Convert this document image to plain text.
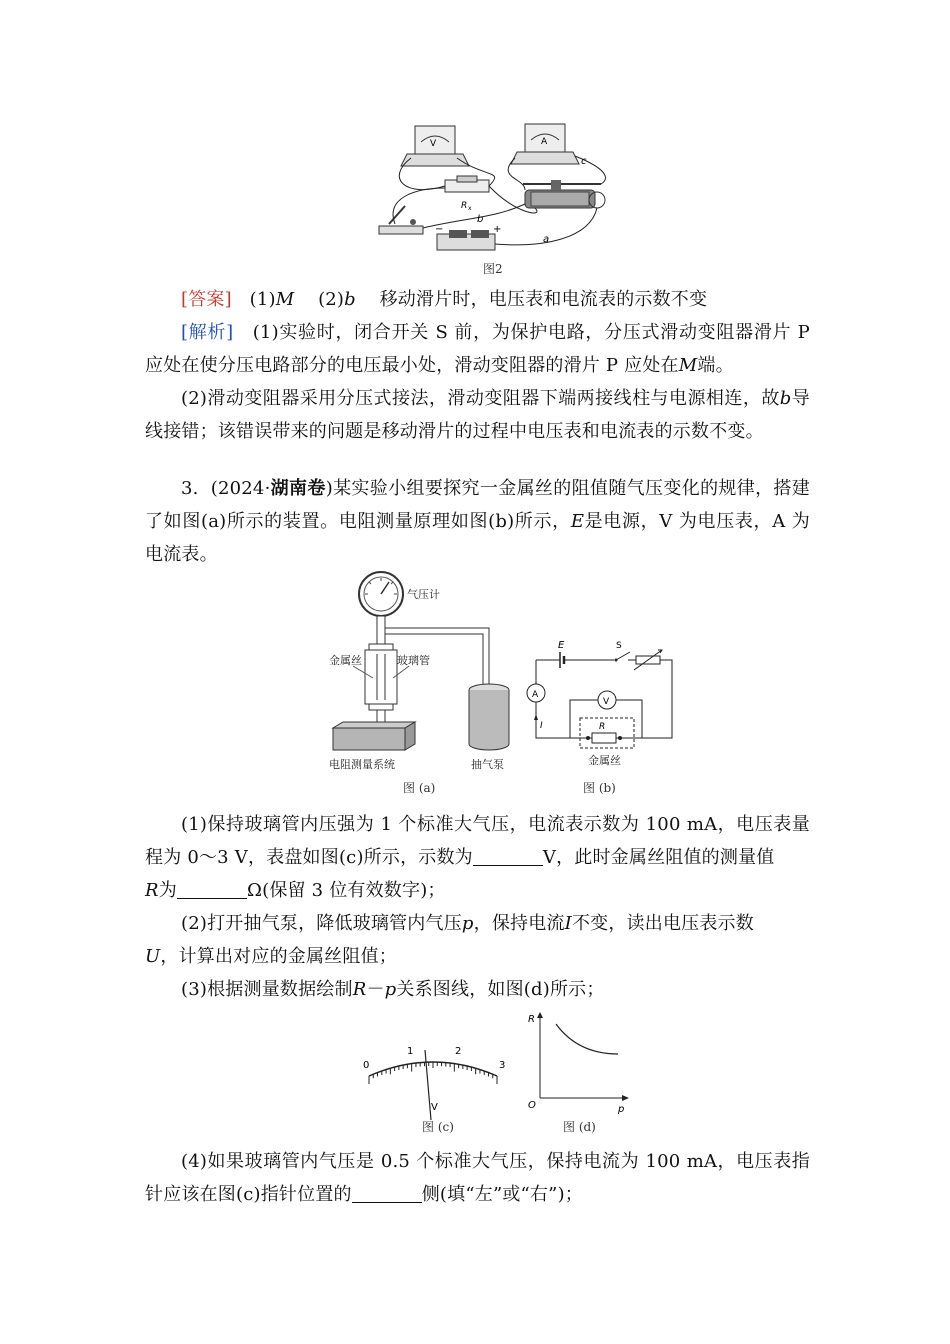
V	A
R x
−	+
c
b
a
图2
[答案] (1)M (2)b 移动滑片时，电压表和电流表的示数不变
[解析] (1)实验时，闭合开关 S 前，为保护电路，分压式滑动变阻器滑片 P 应处在使分压电路部分的电压最小处，滑动变阻器的滑片 P 应处在M端。
(2)滑动变阻器采用分压式接法，滑动变阻器下端两接线柱与电源相连，故b导线接错；该错误带来的问题是移动滑片的过程中电压表和电流表的示数不变。
3. (2024·湖南卷)某实验小组要探究一金属丝的阻值随气压变化的规律，搭建了如图(a)所示的装置。电阻测量原理如图(b)所示，E是电源，V 为电压表，A 为电流表。
气压计
金属丝	玻璃管
电阻测量系统	抽气泵
图 (a)
E	S
A
I
V
R
金属丝
图 (b)
(1)保持玻璃管内压强为 1 个标准大气压，电流表示数为 100 mA，电压表量程为 0～3 V，表盘如图(c)所示，示数为	V，此时金属丝阻值的测量值
R为	Ω(保留 3 位有效数字)；
(2)打开抽气泵，降低玻璃管内气压p，保持电流I不变，读出电压表示数
U，计算出对应的金属丝阻值；
(3)根据测量数据绘制R－p关系图线，如图(d)所示；
0
1	2
3
V
图 (c)
R
p
O
图 (d)
(4)如果玻璃管内气压是 0.5 个标准大气压，保持电流为 100 mA，电压表指针应该在图(c)指针位置的	侧(填“左”或“右”)；
